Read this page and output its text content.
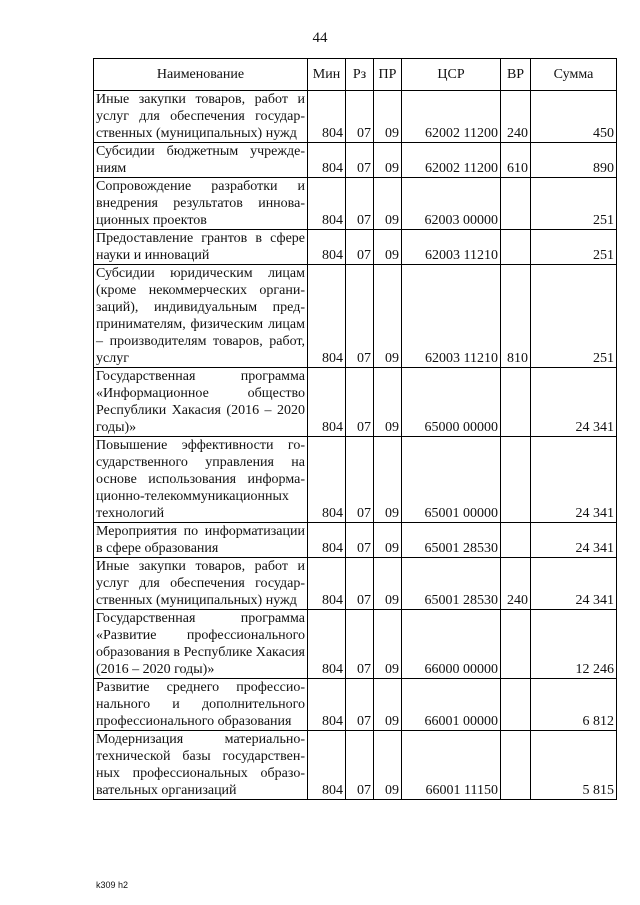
44
Наименование	Мин	Рз	ПР	ЦСР	ВР	Сумма
Иные закупки товаров, работ и услуг для обеспечения государственных (муниципальных) нужд	804	07	09	62002 11200	240	450
Субсидии бюджетным учреждениям	804	07	09	62002 11200	610	890
Сопровождение разработки и внедрения результатов инновационных проектов	804	07	09	62003 00000		251
Предоставление грантов в сфере науки и инноваций	804	07	09	62003 11210		251
Субсидии юридическим лицам (кроме некоммерческих организаций), индивидуальным предпринимателям, физическим лицам – производителям товаров, работ, услуг	804	07	09	62003 11210	810	251
Государственная программа «Информационное общество Республики Хакасия (2016 – 2020 годы)»	804	07	09	65000 00000		24 341
Повышение эффективности государственного управления на основе использования информационно-телекоммуникационных технологий	804	07	09	65001 00000		24 341
Мероприятия по информатизации в сфере образования	804	07	09	65001 28530		24 341
Иные закупки товаров, работ и услуг для обеспечения государственных (муниципальных) нужд	804	07	09	65001 28530	240	24 341
Государственная программа «Развитие профессионального образования в Республике Хакасия (2016 – 2020 годы)»	804	07	09	66000 00000		12 246
Развитие среднего профессионального и дополнительного профессионального образования	804	07	09	66001 00000		6 812
Модернизация материально-технической базы государственных профессиональных образовательных организаций	804	07	09	66001 11150		5 815
k309 h2
